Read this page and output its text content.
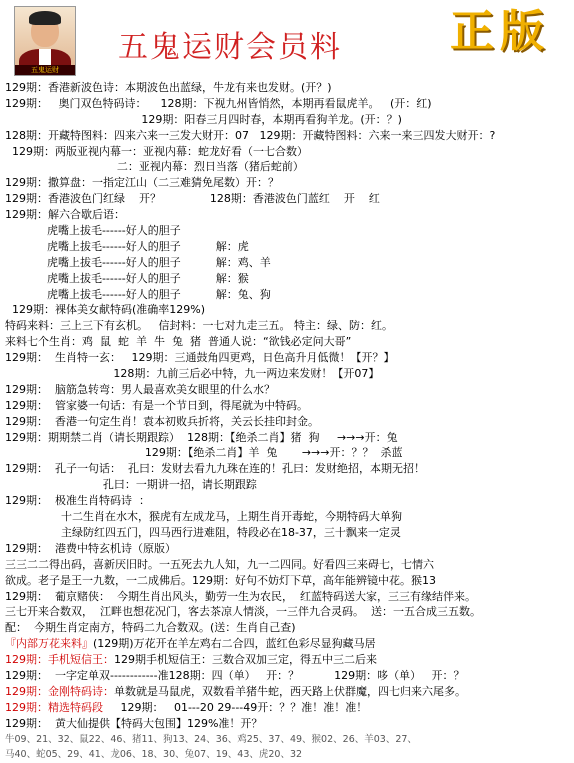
五鬼运财
五鬼运财会员料	正版
129期：香港新波色诗：本期波色出蓝绿，牛龙有来也发财。(开？)
129期：   奥门双色特码诗：    128期：下视九州皆悄然，本期再看鼠虎羊。   (开：红)
129期：阳春三月四时春，本期再看狗羊龙。(开：？)
128期：开藏特图料：四来六来一三发大财开：07   129期：开藏特图料：六来一来三四发大财开：?
129期：两版亚视内幕一：亚视内幕：蛇龙好看（一七合数）
二：亚视内幕：烈日当落（猪后蛇前）
129期：撒算盘：一指定江山（二三难猜免尾数）开：？
129期：香港波色门红绿    开？              128期：香港波色门蓝红    开    红
129期：解六合歇后语：
虎嘴上拔毛------好人的胆子
虎嘴上拔毛------好人的胆子          解：虎
虎嘴上拔毛------好人的胆子          解：鸡、羊
虎嘴上拔毛------好人的胆子          解：猴
虎嘴上拔毛------好人的胆子          解：兔、狗
129期：裸体美女献特码(准确率129%)
特码来料：三上三下有玄机。   信封料：一七对九走三五。 特主：绿、防：红。
来料七个生肖：鸡  鼠  蛇  羊  牛  兔  猪  普通人说：“欲钱必定问大哥”
129期：  生肖特一玄：   129期：三通鼓角四更鸡，日色高升月低微！【开？】
128期：九前三后必中特，九一两边来发财！【开07】
129期：  脑筋急转弯：男人最喜欢美女眼里的什么水？
129期：  管家婆一句话：有是一个节日到，得尾就为中特码。
129期：  香港一句定生肖！袁本初败兵折将，关云长挂印封金。
129期：期期禁二肖（请长期跟踪）  128期：【绝杀二肖】猪  狗     →→→开：兔
129期：【绝杀二肖】羊  兔       →→→开：？？  杀蓝
129期：  孔子一句话：  孔曰：发财去看九九珠在连的！孔曰：发财绝招，本期无招！
孔曰：一期讲一招，请长期跟踪
129期：  极准生肖特码诗  ：
十二生肖在水木，猴虎有左成龙马，上期生肖开毒蛇，今期特码大单狗
主绿防红四五门，四马西行进难阻，特段必在18-37，三十飘来一定灵
129期：  港费中特玄机诗（原版）
三三二二得出码，喜新厌旧时。一五死去九人知，九一二四同。好看四三来碍七，七情六
欲成。老子是王一九数，一二成佛后。129期：好句不妨灯下草，高年能辨镜中花。猴13
129期：  葡京赌侠：  今期生肖出风头，勤劳一生为农民，  红蓝特码送大家，三三有缘结伴来。
三七开来合数双，  江畔也想花况门，客去茶凉人情淡，一三伴九合灵码。  送：一五合成三五数。
配：  今期生肖定南方，特码二九合数双。(送：生肖自己查)
『内部万花来料』(129期)万花开在羊左鸡右二合四，蓝红色彩尽显狗藏马居
129期：手机短信王：129期手机短信王：三数合双加三定，得五中三二后来
129期：  一字定单双------------准128期：四（单）   开：？          129期：哆（单）   开：？
129期：金刚特码诗：单数就是马鼠虎，双数看羊猪牛蛇，西天路上伏群魔，四七归来六尾多。
129期：精选特码段     129期：   01---20 29---49开：？？准！准！准！
129期：  黄大仙提供【特码大包围】129%准！开？
牛09、21、32、鼠22、46、猪11、狗13、24、36、鸡25、37、49、猴02、26、羊03、27、
马40、蛇05、29、41、龙06、18、30、兔07、19、43、虎20、32
